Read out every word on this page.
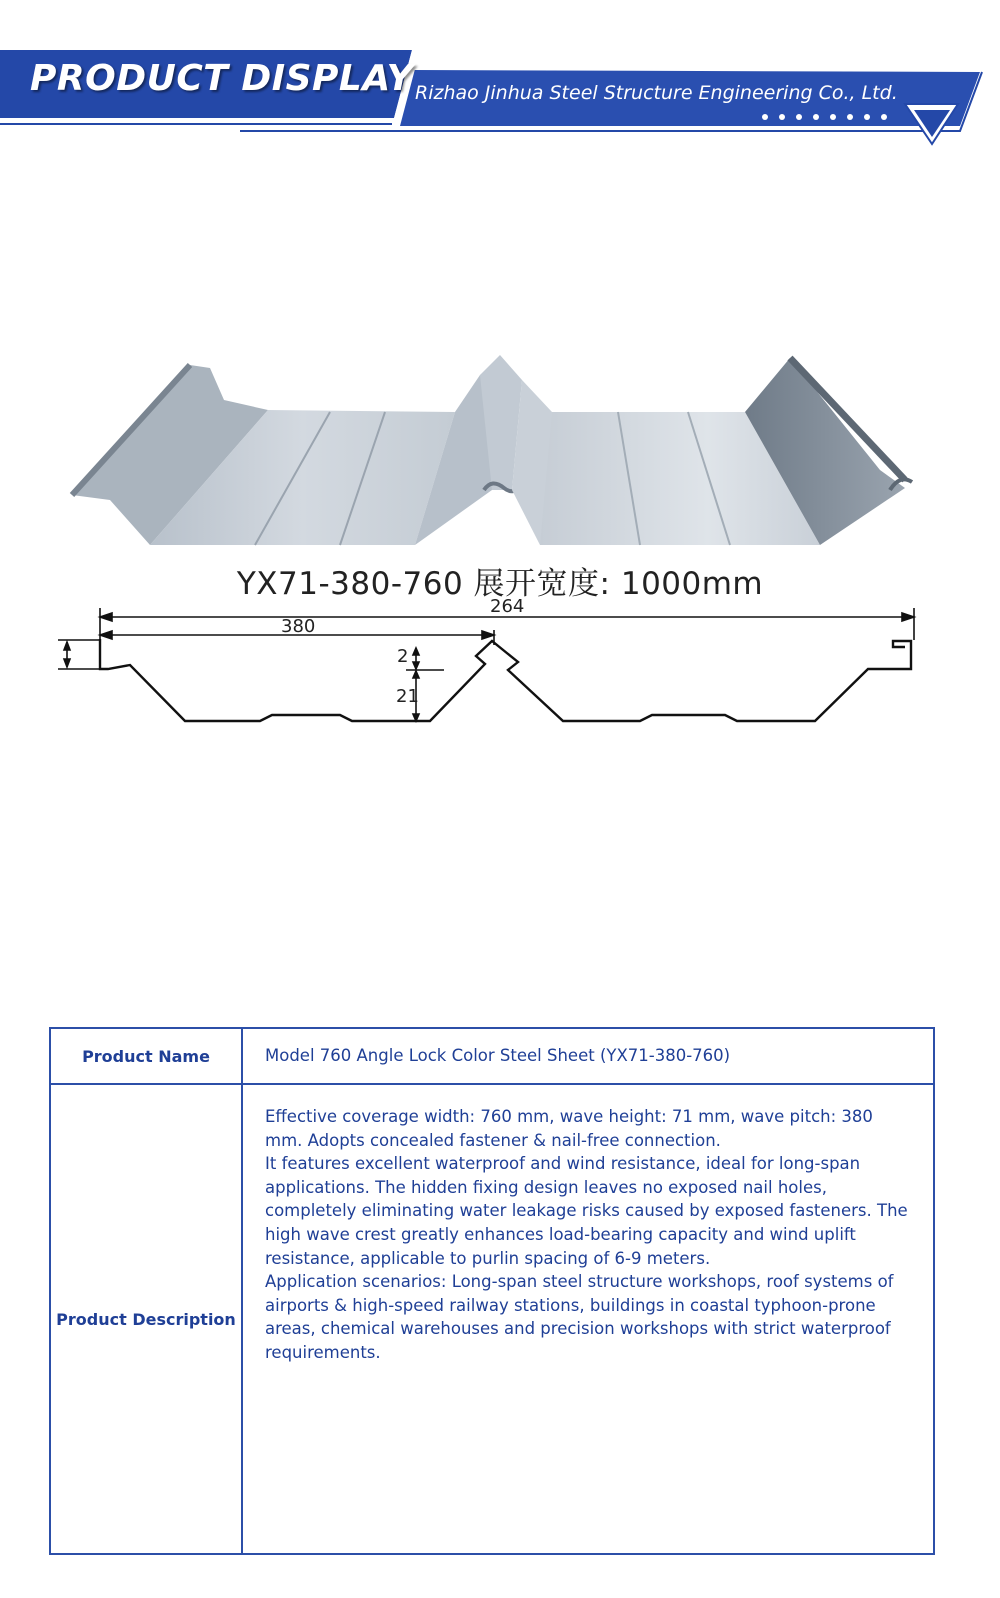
PRODUCT DISPLAY Rizhao Jinhua Steel Structure Engineering Co., Ltd.
YX71-380-760 展开宽度: 1000mm
264
380
2
21
Product Name	Model 760 Angle Lock Color Steel Sheet (YX71-380-760)
Product Description

Effective coverage width: 760 mm, wave height: 71 mm, wave pitch: 380 mm. Adopts concealed fastener & nail-free connection.

It features excellent waterproof and wind resistance, ideal for long-span applications. The hidden fixing design leaves no exposed nail holes, completely eliminating water leakage risks caused by exposed fasteners. The high wave crest greatly enhances load-bearing capacity and wind uplift resistance, applicable to purlin spacing of 6-9 meters.

Application scenarios: Long-span steel structure workshops, roof systems of airports & high-speed railway stations, buildings in coastal typhoon-prone areas, chemical warehouses and precision workshops with strict waterproof requirements.
